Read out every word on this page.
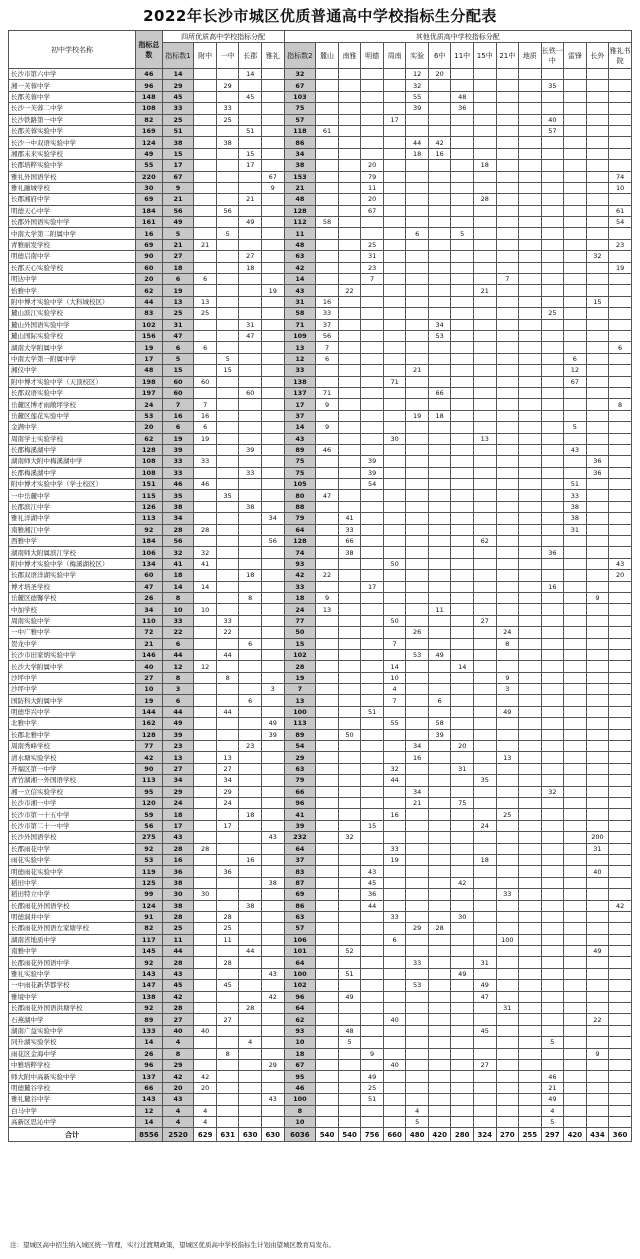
2022年长沙市城区优质普通高中学校指标生分配表
初中学校名称	指标总数	四所优质高中学校指标分配					其他优质高中学校指标分配														
		指标数1	附中	一中	长郡	雅礼	指标数2	麓山	南雅	明德	周南	实验	6中	11中	15中	21中	地质	长铁一中	雷锋	长外	雅礼书院
长沙市第六中学	46	14			14		32					12	20								
湘一芙蓉中学	96	29		29			67					32						35			
长郡芙蓉中学	148	45			45		103					55		48							
长沙一芙蓉二中学	108	33		33			75					39		36							
长沙铁路第一中学	82	25		25			57				17							40			
长郡芙蓉实验中学	169	51			51		118	61										57			
长沙一中双语实验中学	124	38		38			86					44	42								
湘郡未来实验学校	49	15			15		34					18	16								
长郡培粹实验中学	55	17			17		38			20					18						
雅礼外国语学校	220	67				67	153			79											74
雅礼融城学校	30	9				9	21			11											10
长郡湘府中学	69	21			21		48			20					28						
明德天心中学	184	56		56			128			67											61
长郡外国语实验中学	161	49			49		112	58													54
中南大学第二附属中学	16	5		5			11					6		5							
青雅丽发学校	69	21	21				48			25											23
明德启南中学	90	27			27		63			31										32	
长郡天心实验学校	60	18			18		42			23											19
明达中学	20	6	6				14			7						7					
怡雅中学	62	19				19	43		22						21						
附中博才实验中学（大科城校区）	44	13	13				31	16												15	
麓山滨江实验学校	83	25	25				58	33										25			
麓山外国语实验中学	102	31			31		71	37					34								
麓山国际实验学校	156	47			47		109	56					53								
湖南大学附属中学	19	6	6				13	7													6
中南大学第一附属中学	17	5		5			12	6											6		
湘仪中学	48	15		15			33					21							12		
附中博才实验中学（天顶校区）	198	60	60				138				71								67		
长郡双语实验中学	197	60			60		137	71					66								
岳麓区博才雨敞坪学校	24	7	7				17	9													8
岳麓区莲花实验中学	53	16	16				37					19	18								
金满中学	20	6	6				14	9											5		
周南学士实验学校	62	19	19				43				30				13						
长郡梅溪湖中学	128	39			39		89	46											43		
湖南师大附中梅溪湖中学	108	33	33				75			39										36	
长郡梅溪湖中学	108	33			33		75			39										36	
附中博才实验中学（学士校区）	151	46	46				105			54									51		
一中岳麓中学	115	35		35			80	47											33		
长郡滨江中学	126	38			38		88												38		
雅礼洋湖中学	113	34				34	79		41										38		
南雅湘江中学	92	28	28				64		33										31		
西雅中学	184	56				56	128		66						62						
湖南师大附属滨江学校	106	32	32				74		38									36			
附中博才实验中学（梅溪湖校区）	134	41	41				93				50										43
长郡双语洋湖实验中学	60	18			18		42	22													20
博才培圣学校	47	14	14				33			17								16			
岳麓区德馨学校	26	8			8		18	9												9	
中加学校	34	10	10				24	13					11								
周南实验中学	110	33		33			77				50				27						
一中广雅中学	72	22		22			50					26				24					
贺龙中学	21	6			6		15				7					8					
长沙市田家炳实验中学	146	44		44			102					53	49								
长沙大学附属中学	40	12	12				28				14			14							
沙坪中学	27	8		8			19				10					9					
沙坪中学	10	3				3	7				4					3					
国防科大附属中学	19	6			6		13				7		6								
明德华兴中学	144	44		44			100			51						49					
北雅中学	162	49				49	113				55		58								
长郡北雅中学	128	39				39	89		50				39								
周南秀峰学校	77	23			23		54					34		20							
清水塘实验学校	42	13		13			29					16				13					
开福区第一中学	90	27		27			63				32			31							
青竹湖湘一外国语学校	113	34		34			79				44				35						
湘一立信实验学校	95	29		29			66					34						32			
长沙市湘一中学	120	24		24			96					21		75							
长沙市第一十五中学	59	18			18		41				16					25					
长沙市第二十一中学	56	17		17			39			15					24						
长沙外国语学校	275	43				43	232		32											200	
长郡雨花中学	92	28	28				64				33									31	
雨花实验中学	53	16			16		37				19				18						
明德雨花实验中学	119	36		36			83			43										40	
稻田中学	125	38				38	87			45				42							
稻田特立中学	99	30	30				69			36						33					
长郡雨花外国语学校	124	38			38		86			44											42
明德洞井中学	91	28		28			63				33			30							
长郡雨花外国语左家塘学校	82	25		25			57					29	28								
湖南省地质中学	117	11		11			106				6					100					
南雅中学	145	44			44		101		52											49	
长郡雨花外国语中学	92	28		28			64					33			31						
雅礼实验中学	143	43				43	100		51					49							
一中雨花新华都学校	147	45		45			102					53			49						
雅境中学	138	42				42	96		49						47						
长郡雨花外国语洪塘学校	92	28			28		64									31					
石燕湖中学	89	27		27			62				40									22	
湖南广益实验中学	133	40	40				93		48						45						
同升湖实验学校	14	4			4		10		5									5			
雨花区金海中学	26	8		8			18			9										9	
中雅培粹学校	96	29				29	67				40				27						
师大附中高新实验中学	137	42	42				95			49								46			
明德麓谷学校	66	20	20				46			25								21			
雅礼麓谷中学	143	43				43	100			51								49			
白马中学	12	4	4				8					4						4			
高新区思沁中学	14	4	4				10					5						5			
合计	8556	2520	629	631	630	630	6036	540	540	756	660	480	420	280	324	270	255	297	420	434	360
注：望城区高中招生纳入城区统一管理，实行过渡期政策，望城区优质高中学校指标生计划由望城区教育局发布。
